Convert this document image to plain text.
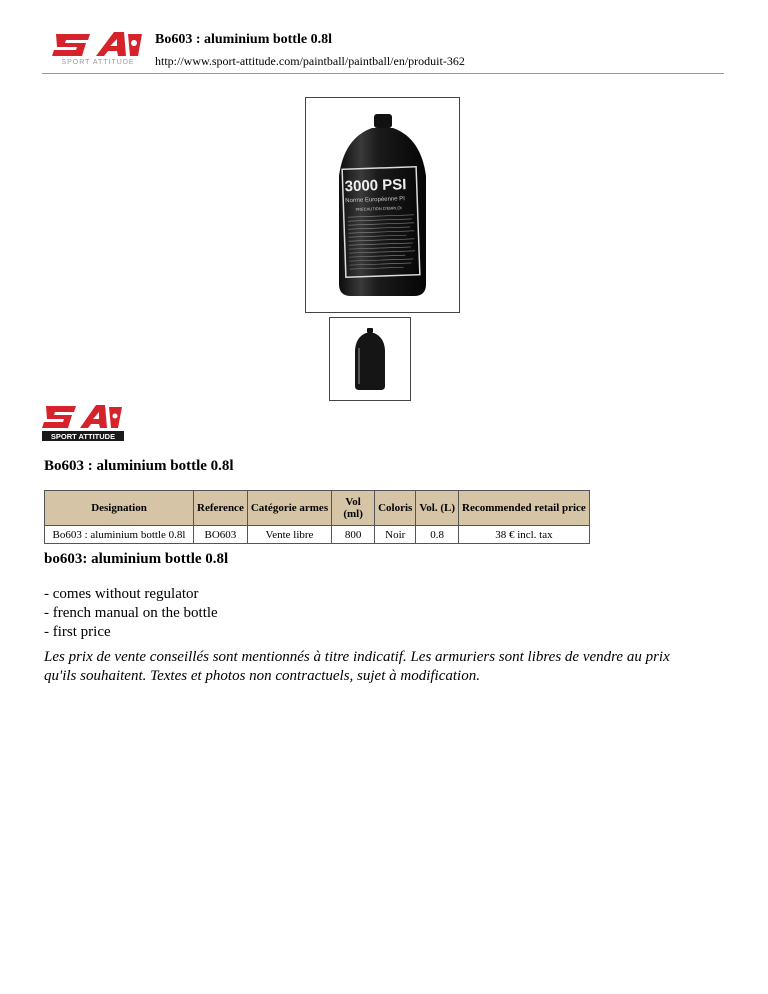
SPORT ATTITUDE
Bo603 : aluminium bottle 0.8l
http://www.sport-attitude.com/paintball/paintball/en/produit-362
3000 PSI
Norme Européenne PI
PRECAUTION D'EMPLOI
SPORT ATTITUDE
Bo603 : aluminium bottle 0.8l
Designation	Reference	Catégorie armes	Vol (ml)	Coloris	Vol. (L)	Recommended retail price
Bo603 : aluminium bottle 0.8l	BO603	Vente libre	800	Noir	0.8	38 € incl. tax
bo603: aluminium bottle 0.8l
- comes without regulator
- french manual on the bottle
- first price
Les prix de vente conseillés sont mentionnés à titre indicatif. Les armuriers sont libres de vendre au prix qu'ils souhaitent. Textes et photos non contractuels, sujet à modification.
